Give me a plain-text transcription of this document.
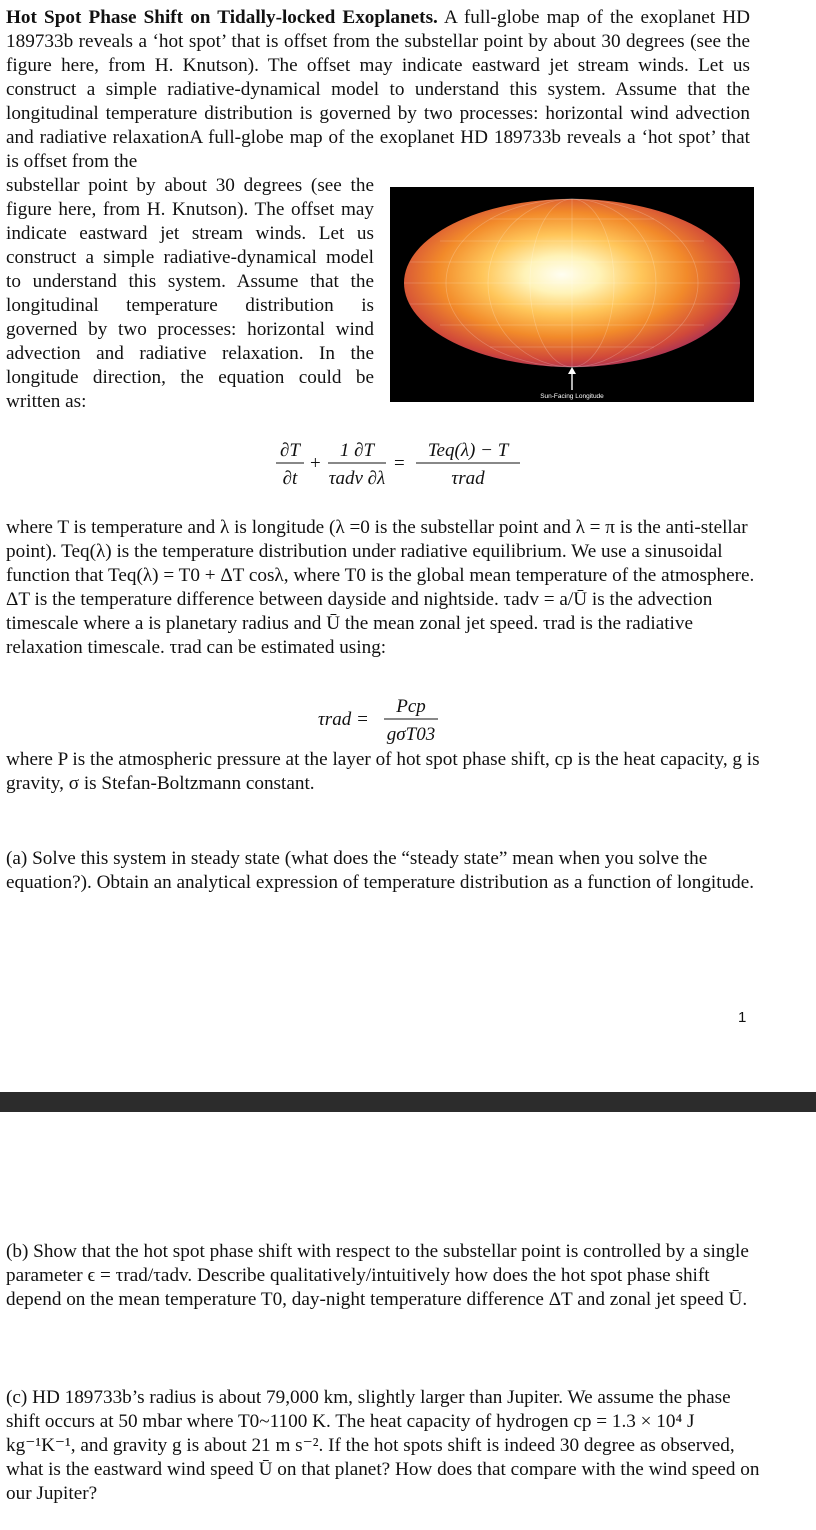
Hot Spot Phase Shift on Tidally-locked Exoplanets. A full-globe map of the exoplanet HD 189733b reveals a ‘hot spot’ that is offset from the substellar point by about 30 degrees (see the figure here, from H. Knutson). The offset may indicate eastward jet stream winds. Let us construct a simple radiative-dynamical model to understand this system. Assume that the longitudinal temperature distribution is governed by two processes: horizontal wind advection and radiative relaxationA full-globe map of the exoplanet HD 189733b reveals a ‘hot spot’ that is offset from the

substellar point by about 30 degrees (see the figure here, from H. Knutson). The offset may indicate eastward jet stream winds. Let us construct a simple radiative-dynamical model to understand this system. Assume that the longitudinal temperature distribution is governed by two processes: horizontal wind advection and radiative relaxation. In the longitude direction, the equation could be written as:	Sun-Facing Longitude
∂T
∂t
+
1 ∂T
τadv ∂λ
=
Teq(λ) − T
τrad

where T is temperature and λ is longitude (λ =0 is the substellar point and λ = π is the anti-stellar point). Teq(λ) is the temperature distribution under radiative equilibrium. We use a sinusoidal function that Teq(λ) = T0 + ΔT cosλ, where T0 is the global mean temperature of the atmosphere. ΔT is the temperature difference between dayside and nightside. τadv = a/Ū is the advection timescale where a is planetary radius and Ū the mean zonal jet speed. τrad is the radiative relaxation timescale. τrad can be estimated using:

τrad =
Pcp
gσT03

where P is the atmospheric pressure at the layer of hot spot phase shift, cp is the heat capacity, g is gravity, σ is Stefan-Boltzmann constant.

(a) Solve this system in steady state (what does the “steady state” mean when you solve the equation?). Obtain an analytical expression of temperature distribution as a function of longitude.

1

(b) Show that the hot spot phase shift with respect to the substellar point is controlled by a single parameter ϵ = τrad/τadv. Describe qualitatively/intuitively how does the hot spot phase shift depend on the mean temperature T0, day-night temperature difference ΔT and zonal jet speed Ū.

(c) HD 189733b’s radius is about 79,000 km, slightly larger than Jupiter. We assume the phase shift occurs at 50 mbar where T0~1100 K. The heat capacity of hydrogen cp = 1.3 × 10⁴ J kg⁻¹K⁻¹, and gravity g is about 21 m s⁻². If the hot spots shift is indeed 30 degree as observed, what is the eastward wind speed Ū on that planet? How does that compare with the wind speed on our Jupiter?
